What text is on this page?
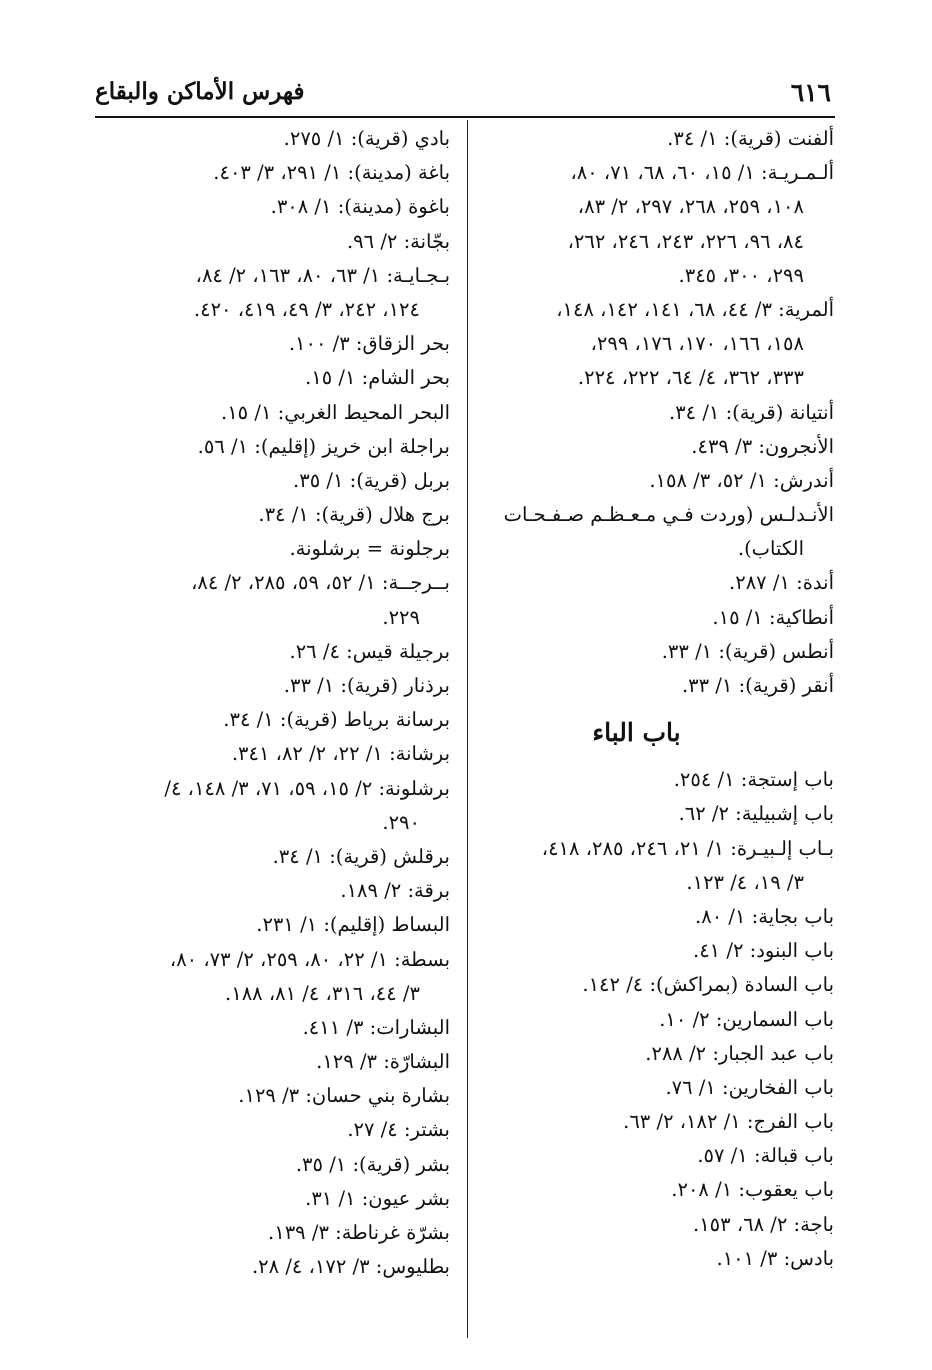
٦١٦
فهرس الأماكن والبقاع
ألفنت (قرية): ١/ ٣٤.
ألـمـريـة: ١/ ١٥، ٦٠، ٦٨، ٧١، ٨٠،
١٠٨، ٢٥٩، ٢٦٨، ٢٩٧، ٢/ ٨٣،
٨٤، ٩٦، ٢٢٦، ٢٤٣، ٢٤٦، ٢٦٢،
٢٩٩، ٣٠٠، ٣٤٥.
ألمرية: ٣/ ٤٤، ٦٨، ١٤١، ١٤٢، ١٤٨،
١٥٨، ١٦٦، ١٧٠، ١٧٦، ٢٩٩،
٣٣٣، ٣٦٢، ٤/ ٦٤، ٢٢٢، ٢٢٤.
أنتيانة (قرية): ١/ ٣٤.
الأنجرون: ٣/ ٤٣٩.
أندرش: ١/ ٥٢، ٣/ ١٥٨.
الأنـدلـس (وردت فـي مـعـظـم صـفـحـات
الكتاب).
أندة: ١/ ٢٨٧.
أنطاكية: ١/ ١٥.
أنطس (قرية): ١/ ٣٣.
أنقر (قرية): ١/ ٣٣.
باب الباء
باب إستجة: ١/ ٢٥٤.
باب إشبيلية: ٢/ ٦٢.
بـاب إلـبيـرة: ١/ ٢١، ٢٤٦، ٢٨٥، ٤١٨،
٣/ ١٩، ٤/ ١٢٣.
باب بجاية: ١/ ٨٠.
باب البنود: ٢/ ٤١.
باب السادة (بمراكش): ٤/ ١٤٢.
باب السمارين: ٢/ ١٠.
باب عبد الجبار: ٢/ ٢٨٨.
باب الفخارين: ١/ ٧٦.
باب الفرج: ١/ ١٨٢، ٢/ ٦٣.
باب قبالة: ١/ ٥٧.
باب يعقوب: ١/ ٢٠٨.
باجة: ٢/ ٦٨، ١٥٣.
بادس: ٣/ ١٠١.
بادي (قرية): ١/ ٢٧٥.
باغة (مدينة): ١/ ٢٩١، ٣/ ٤٠٣.
باغوة (مدينة): ١/ ٣٠٨.
بجّانة: ٢/ ٩٦.
بـجـايـة: ١/ ٦٣، ٨٠، ١٦٣، ٢/ ٨٤،
١٢٤، ٢٤٢، ٣/ ٤٩، ٤١٩، ٤٢٠.
بحر الزقاق: ٣/ ١٠٠.
بحر الشام: ١/ ١٥.
البحر المحيط الغربي: ١/ ١٥.
براجلة ابن خريز (إقليم): ١/ ٥٦.
بربل (قرية): ١/ ٣٥.
برج هلال (قرية): ١/ ٣٤.
برجلونة = برشلونة.
بــرجــة: ١/ ٥٢، ٥٩، ٢٨٥، ٢/ ٨٤،
٢٢٩.
برجيلة قيس: ٤/ ٢٦.
برذنار (قرية): ١/ ٣٣.
برسانة برياط (قرية): ١/ ٣٤.
برشانة: ١/ ٢٢، ٢/ ٨٢، ٣٤١.
برشلونة: ٢/ ١٥، ٥٩، ٧١، ٣/ ١٤٨، ٤/
٢٩٠.
برقلش (قرية): ١/ ٣٤.
برقة: ٢/ ١٨٩.
البساط (إقليم): ١/ ٢٣١.
بسطة: ١/ ٢٢، ٨٠، ٢٥٩، ٢/ ٧٣، ٨٠،
٣/ ٤٤، ٣١٦، ٤/ ٨١، ١٨٨.
البشارات: ٣/ ٤١١.
البشارّة: ٣/ ١٢٩.
بشارة بني حسان: ٣/ ١٢٩.
بشتر: ٤/ ٢٧.
بشر (قرية): ١/ ٣٥.
بشر عيون: ١/ ٣١.
بشرّة غرناطة: ٣/ ١٣٩.
بطليوس: ٣/ ١٧٢، ٤/ ٢٨.
